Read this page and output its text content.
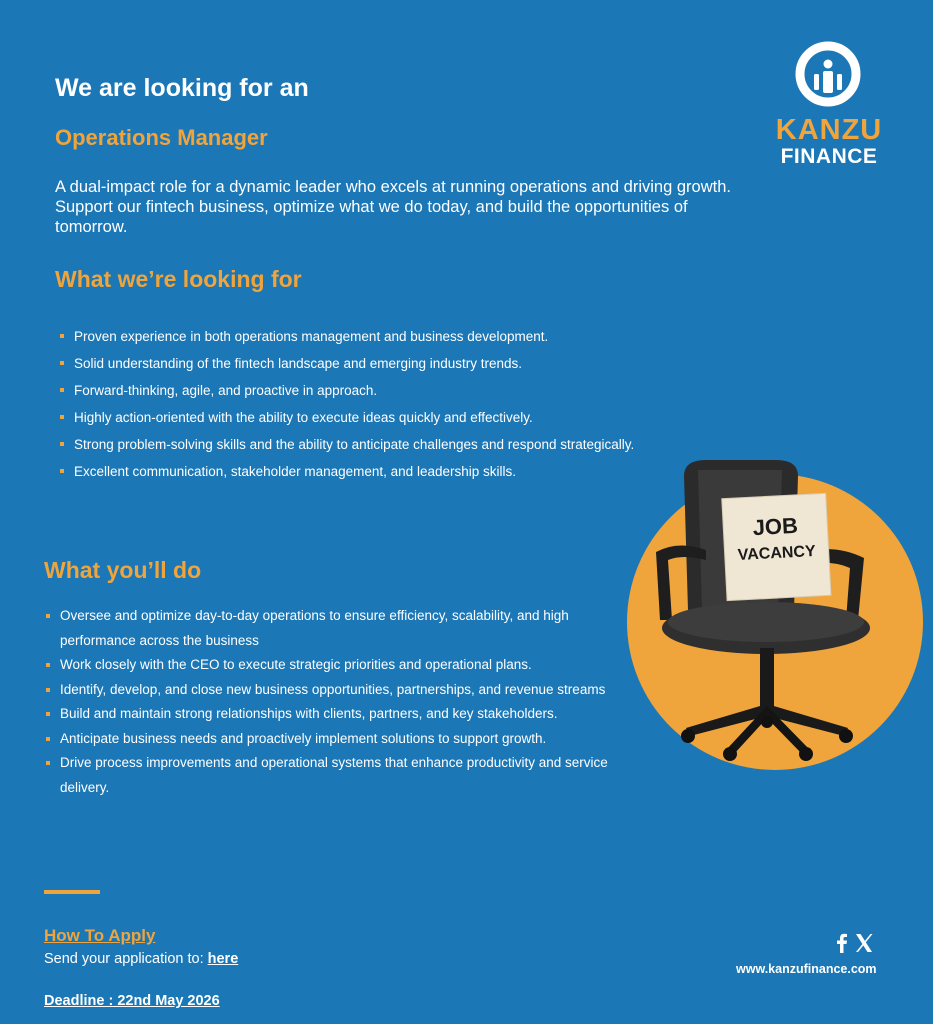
We are looking for an
Operations Manager

A dual-impact role for a dynamic leader who excels at running operations and driving growth. Support our fintech business, optimize what we do today, and build the opportunities of tomorrow.

KANZU
FINANCE
What we’re looking for
Proven experience in both operations management and business development.
Solid understanding of the fintech landscape and emerging industry trends.
Forward-thinking, agile, and proactive in approach.
Highly action-oriented with the ability to execute ideas quickly and effectively.
Strong problem-solving skills and the ability to anticipate challenges and respond strategically.
Excellent communication, stakeholder management, and leadership skills.
What you’ll do
Oversee and optimize day-to-day operations to ensure efficiency, scalability, and high performance across the business
Work closely with the CEO to execute strategic priorities and operational plans.
Identify, develop, and close new business opportunities, partnerships, and revenue streams
Build and maintain strong relationships with clients, partners, and key stakeholders.
Anticipate business needs and proactively implement solutions to support growth.
Drive process improvements and operational systems that enhance productivity and service delivery.
JOB
VACANCY
How To Apply
Send your application to: here
Deadline : 22nd May 2026
www.kanzufinance.com
